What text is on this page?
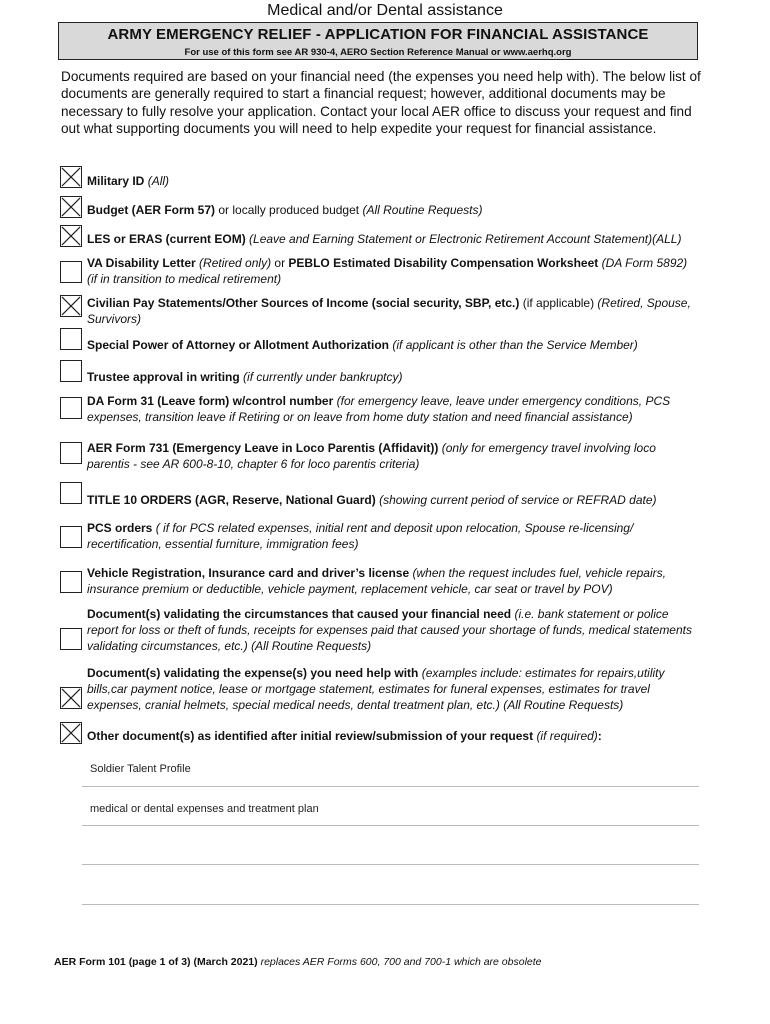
Medical and/or Dental assistance
ARMY EMERGENCY RELIEF - APPLICATION FOR FINANCIAL ASSISTANCE
For use of this form see AR 930-4, AERO Section Reference Manual or www.aerhq.org
Documents required are based on your financial need (the expenses you need help with). The below list of documents are generally required to start a financial request; however, additional documents may be necessary to fully resolve your application. Contact your local AER office to discuss your request and find out what supporting documents you will need to help expedite your request for financial assistance.
Military ID (All)
Budget (AER Form 57) or locally produced budget (All Routine Requests)
LES or ERAS (current EOM) (Leave and Earning Statement or Electronic Retirement Account Statement)(ALL)
VA Disability Letter (Retired only) or PEBLO Estimated Disability Compensation Worksheet (DA Form 5892) (if in transition to medical retirement)
Civilian Pay Statements/Other Sources of Income (social security, SBP, etc.) (if applicable) (Retired, Spouse, Survivors)
Special Power of Attorney or Allotment Authorization (if applicant is other than the Service Member)
Trustee approval in writing (if currently under bankruptcy)
DA Form 31 (Leave form) w/control number (for emergency leave, leave under emergency conditions, PCS expenses, transition leave if Retiring or on leave from home duty station and need financial assistance)
AER Form 731 (Emergency Leave in Loco Parentis (Affidavit)) (only for emergency travel involving loco parentis - see AR 600-8-10, chapter 6 for loco parentis criteria)
TITLE 10 ORDERS (AGR, Reserve, National Guard) (showing current period of service or REFRAD date)
PCS orders ( if for PCS related expenses, initial rent and deposit upon relocation, Spouse re-licensing/ recertification, essential furniture, immigration fees)
Vehicle Registration, Insurance card and driver’s license (when the request includes fuel, vehicle repairs, insurance premium or deductible, vehicle payment, replacement vehicle, car seat or travel by POV)
Document(s) validating the circumstances that caused your financial need (i.e. bank statement or police report for loss or theft of funds, receipts for expenses paid that caused your shortage of funds, medical statements validating circumstances, etc.) (All Routine Requests)
Document(s) validating the expense(s) you need help with (examples include: estimates for repairs,utility bills,car payment notice, lease or mortgage statement, estimates for funeral expenses, estimates for travel expenses, cranial helmets, special medical needs, dental treatment plan, etc.) (All Routine Requests)
Other document(s) as identified after initial review/submission of your request (if required):
Soldier Talent Profile
medical or dental expenses and treatment plan
AER Form 101 (page 1 of 3) (March 2021) replaces AER Forms 600, 700 and 700-1 which are obsolete
